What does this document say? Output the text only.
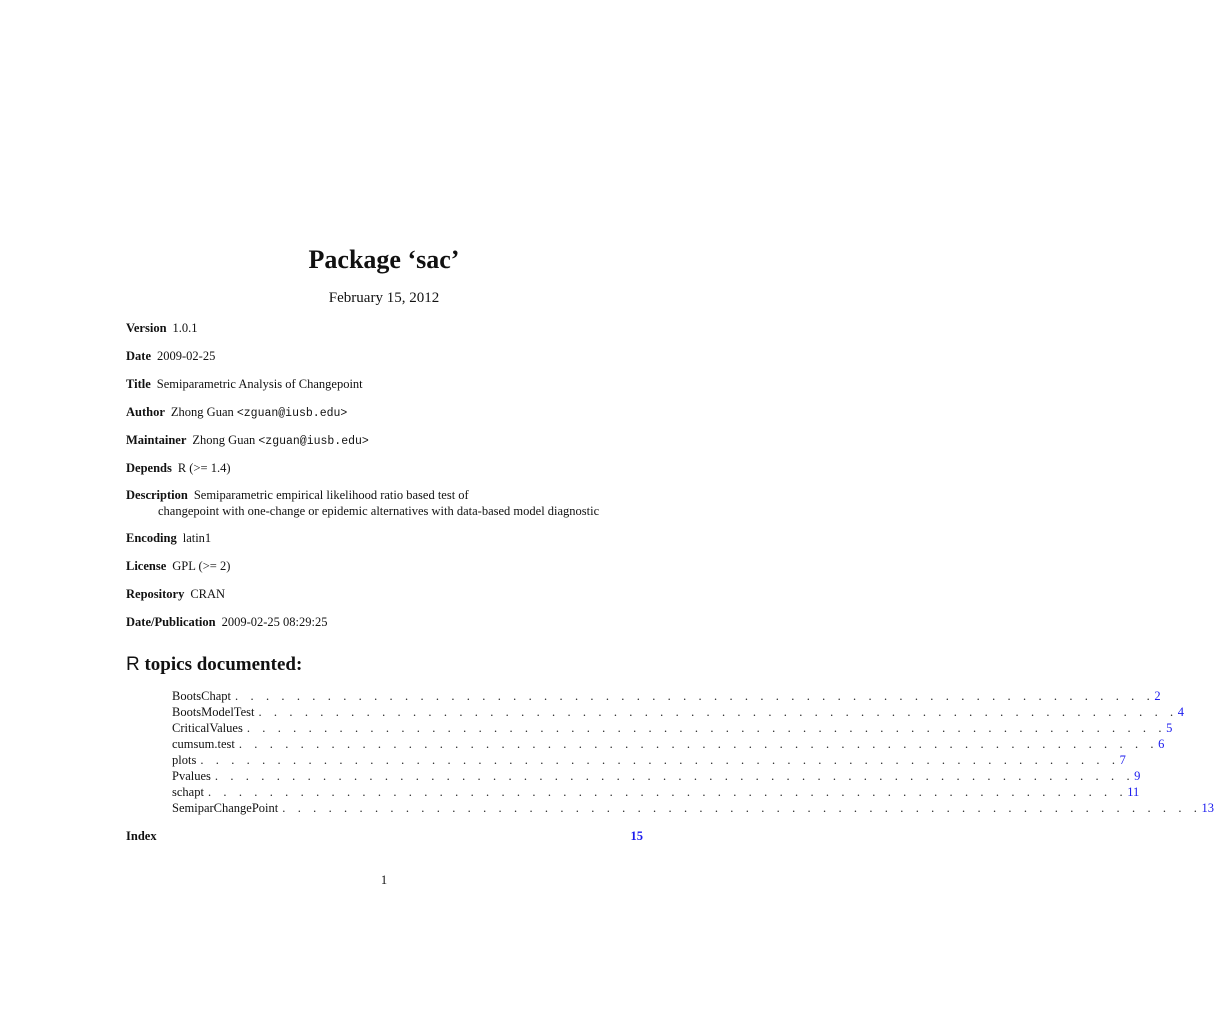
Package ‘sac’
February 15, 2012
Version 1.0.1
Date 2009-02-25
Title Semiparametric Analysis of Changepoint
Author Zhong Guan <zguan@iusb.edu>
Maintainer Zhong Guan <zguan@iusb.edu>
Depends R (>= 1.4)
Description Semiparametric empirical likelihood ratio based test of
changepoint with one-change or epidemic alternatives with data-based model diagnostic
Encoding latin1
License GPL (>= 2)
Repository CRAN
Date/Publication 2009-02-25 08:29:25
R topics documented:
BootsChapt . . . . . . . . . . . . . . . . . . . . . . . . . . . . . . . . . . . . . . . . . . . . . . . . . . . . . . . . . . . . 2
BootsModelTest . . . . . . . . . . . . . . . . . . . . . . . . . . . . . . . . . . . . . . . . . . . . . . . . . . . . . . . . . . . . 4
CriticalValues . . . . . . . . . . . . . . . . . . . . . . . . . . . . . . . . . . . . . . . . . . . . . . . . . . . . . . . . . . . . 5
cumsum.test . . . . . . . . . . . . . . . . . . . . . . . . . . . . . . . . . . . . . . . . . . . . . . . . . . . . . . . . . . . . 6
plots . . . . . . . . . . . . . . . . . . . . . . . . . . . . . . . . . . . . . . . . . . . . . . . . . . . . . . . . . . . . 7
Pvalues . . . . . . . . . . . . . . . . . . . . . . . . . . . . . . . . . . . . . . . . . . . . . . . . . . . . . . . . . . . . 9
schapt . . . . . . . . . . . . . . . . . . . . . . . . . . . . . . . . . . . . . . . . . . . . . . . . . . . . . . . . . . . . 11
SemiparChangePoint . . . . . . . . . . . . . . . . . . . . . . . . . . . . . . . . . . . . . . . . . . . . . . . . . . . . . . . . . . . . 13
Index	15
1
